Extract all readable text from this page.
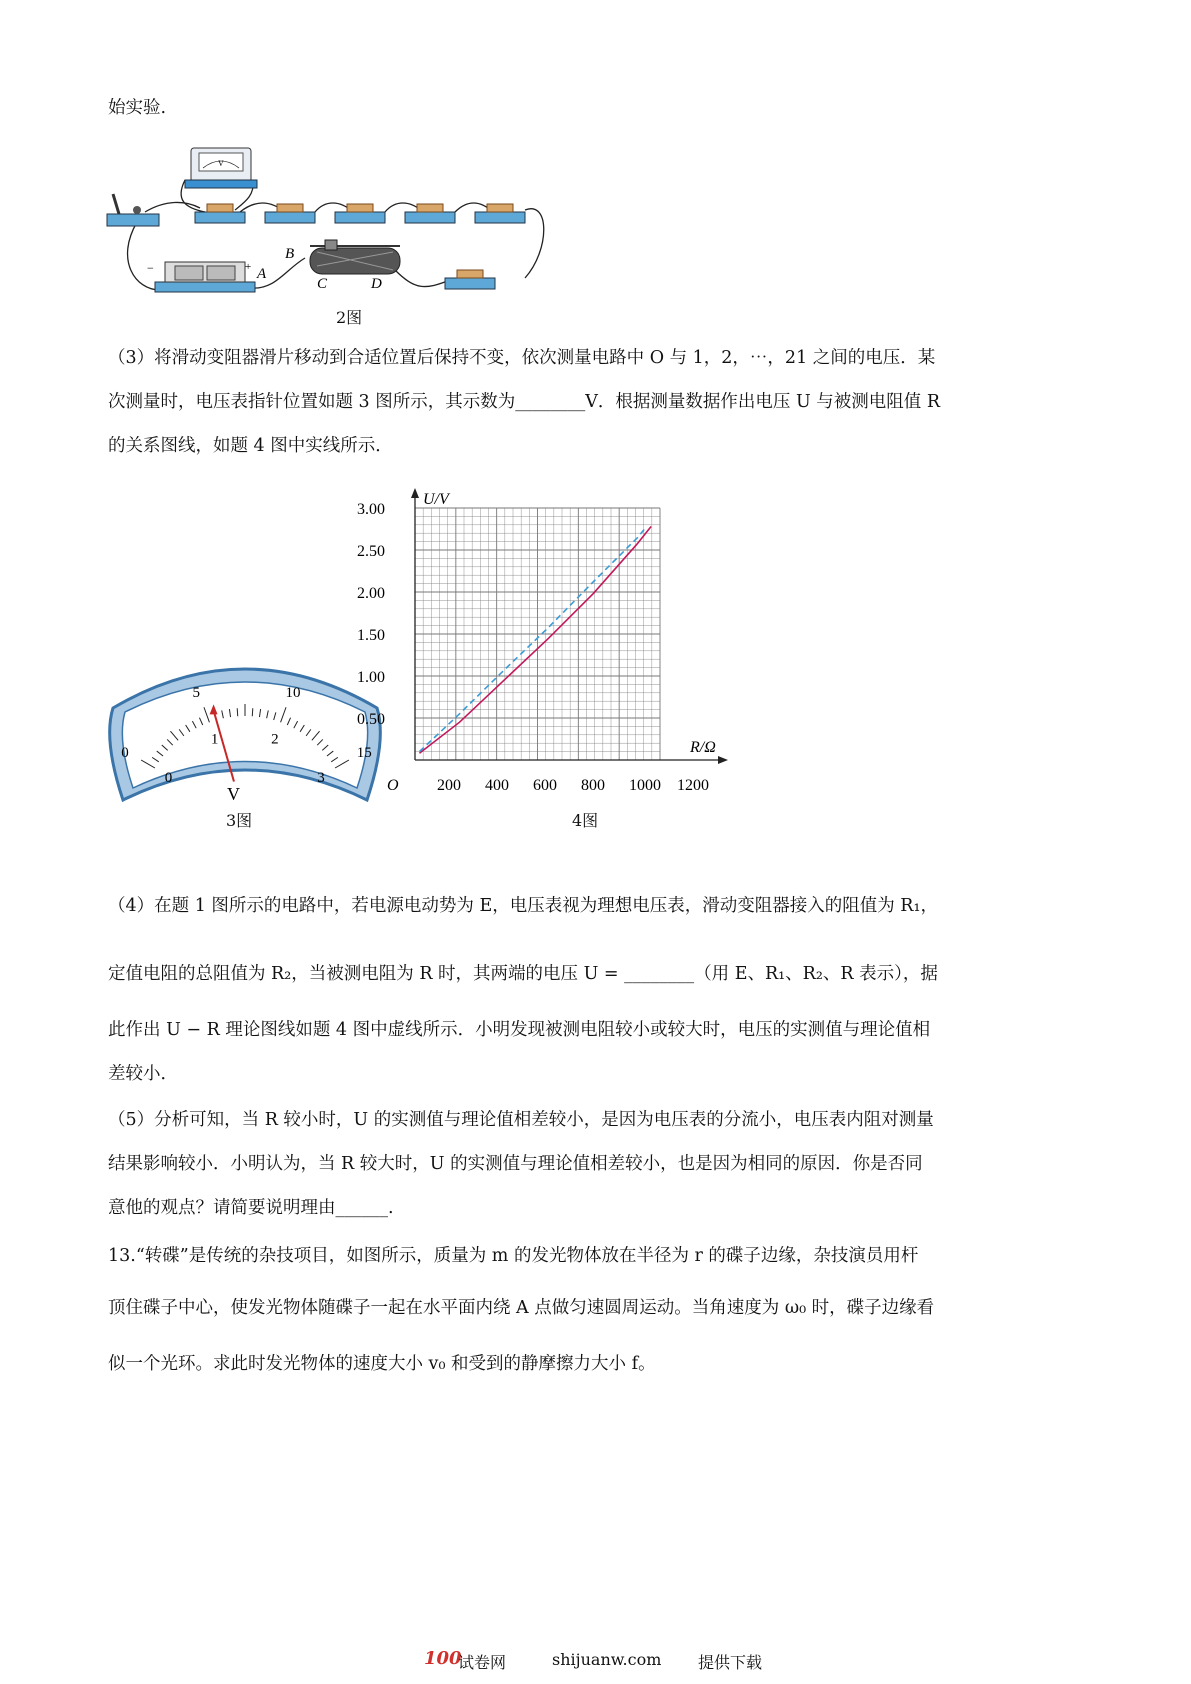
始实验.
V
−	+ A
B
C	D
2图
（3）将滑动变阻器滑片移动到合适位置后保持不变，依次测量电路中 O 与 1，2，⋯，21 之间的电压．某
次测量时，电压表指针位置如题 3 图所示，其示数为________V．根据测量数据作出电压 U 与被测电阻值 R
的关系图线，如题 4 图中实线所示．
0
5	10
15
0
1	2
3
V
3图
U/V
R/Ω
O
0.50
1.00
1.50
2.00
2.50
3.00
200 400 600 800 1000 1200
4图
（4）在题 1 图所示的电路中，若电源电动势为 E，电压表视为理想电压表，滑动变阻器接入的阻值为 R₁，
定值电阻的总阻值为 R₂，当被测电阻为 R 时，其两端的电压 U = ________（用 E、R₁、R₂、R 表示），据
此作出 U − R 理论图线如题 4 图中虚线所示．小明发现被测电阻较小或较大时，电压的实测值与理论值相
差较小．
（5）分析可知，当 R 较小时，U 的实测值与理论值相差较小，是因为电压表的分流小，电压表内阻对测量
结果影响较小．小明认为，当 R 较大时，U 的实测值与理论值相差较小，也是因为相同的原因．你是否同
意他的观点？请简要说明理由______.
13.“转碟”是传统的杂技项目，如图所示，质量为 m 的发光物体放在半径为 r 的碟子边缘，杂技演员用杆
顶住碟子中心，使发光物体随碟子一起在水平面内绕 A 点做匀速圆周运动。当角速度为 ω₀ 时，碟子边缘看
似一个光环。求此时发光物体的速度大小 v₀ 和受到的静摩擦力大小 f。
100
试卷网	shijuanw.com 提供下载
